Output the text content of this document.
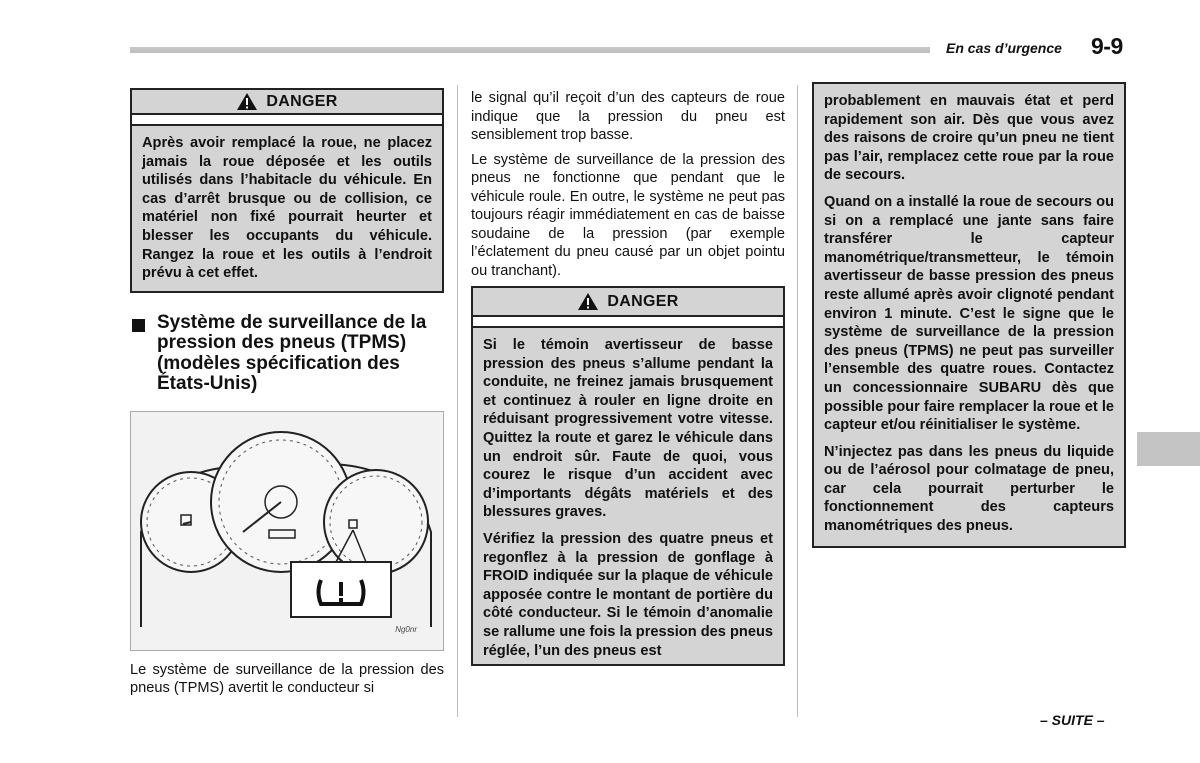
En cas d’urgence 9-9
DANGER

Après avoir remplacé la roue, ne placez jamais la roue déposée et les outils utilisés dans l’habitacle du véhicule. En cas d’arrêt brusque ou de collision, ce matériel non fixé pourrait heurter et blesser les occupants du véhicule. Rangez la roue et les outils à l’endroit prévu à cet effet.

Système de surveillance de la pression des pneus (TPMS) (modèles spécification des États-Unis)
Ng0nr

Le système de surveillance de la pression des pneus (TPMS) avertit le conducteur si

le signal qu’il reçoit d’un des capteurs de roue indique que la pression du pneu est sensiblement trop basse.

Le système de surveillance de la pression des pneus ne fonctionne que pendant que le véhicule roule. En outre, le système ne peut pas toujours réagir immédiatement en cas de baisse soudaine de la pression (par exemple l’éclatement du pneu causé par un objet pointu ou tranchant).

DANGER

Si le témoin avertisseur de basse pression des pneus s’allume pendant la conduite, ne freinez jamais brusquement et continuez à rouler en ligne droite en réduisant progressivement votre vitesse. Quittez la route et garez le véhicule dans un endroit sûr. Faute de quoi, vous courez le risque d’un accident avec d’importants dégâts matériels et des blessures graves.

Vérifiez la pression des quatre pneus et regonflez à la pression de gonflage à FROID indiquée sur la plaque de véhicule apposée contre le montant de portière du côté conducteur. Si le témoin d’anomalie se rallume une fois la pression des pneus réglée, l’un des pneus est

probablement en mauvais état et perd rapidement son air. Dès que vous avez des raisons de croire qu’un pneu ne tient pas l’air, remplacez cette roue par la roue de secours.

Quand on a installé la roue de secours ou si on a remplacé une jante sans faire transférer le capteur manométrique/transmetteur, le témoin avertisseur de basse pression des pneus reste allumé après avoir clignoté pendant environ 1 minute. C’est le signe que le système de surveillance de la pression des pneus (TPMS) ne peut pas surveiller l’ensemble des quatre roues. Contactez un concessionnaire SUBARU dès que possible pour faire remplacer la roue et le capteur et/ou réinitialiser le système.

N’injectez pas dans les pneus du liquide ou de l’aérosol pour colmatage de pneu, car cela pourrait perturber le fonctionnement des capteurs manométriques des pneus.

– SUITE –
